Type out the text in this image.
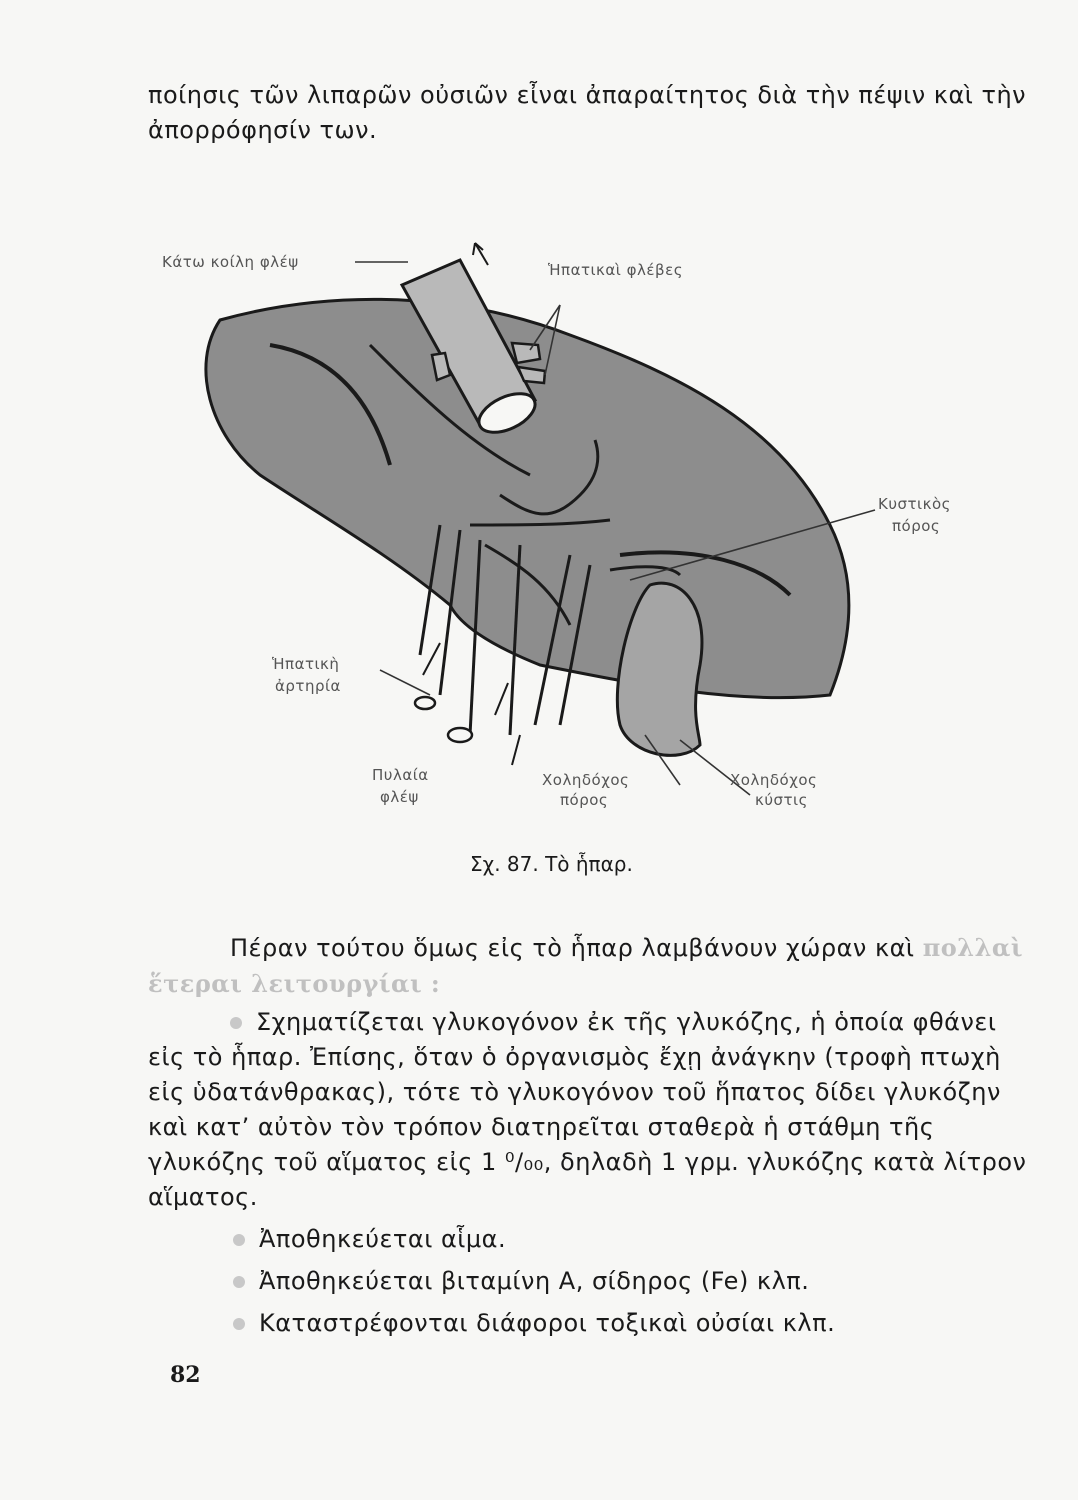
ποίησις τῶν λιπαρῶν οὐσιῶν εἶναι ἀπαραίτητος διὰ τὴν πέψιν καὶ τὴν ἀπορρόφησίν των.

Κάτω κοίλη φλέψ	Ἡπατικαὶ φλέβες
Κυστικὸς
πόρος
Ἡπατικὴ
ἀρτηρία
Πυλαία
φλέψ
Χοληδόχος
πόρος
Χοληδόχος
κύστις
Σχ. 87. Τὸ ἧπαρ.

Πέραν τούτου ὅμως εἰς τὸ ἧπαρ λαμβάνουν χώραν καὶ πολλαὶ ἕτεραι λειτουργίαι :

Σχηματίζεται γλυκογόνον ἐκ τῆς γλυκόζης, ἡ ὁποία φθάνει εἰς τὸ ἧπαρ. Ἐπίσης, ὅταν ὁ ὀργανισμὸς ἔχῃ ἀνάγκην (τροφὴ πτωχὴ εἰς ὑδατάνθρακας), τότε τὸ γλυκογόνον τοῦ ἥπατος δίδει γλυκόζην καὶ κατ’ αὐτὸν τὸν τρόπον διατηρεῖται σταθερὰ ἡ στάθμη τῆς γλυκόζης τοῦ αἵματος εἰς 1 ⁰/₀₀, δηλαδὴ 1 γρμ. γλυκόζης κατὰ λίτρον αἵματος.
Ἀποθηκεύεται αἷμα.
Ἀποθηκεύεται βιταμίνη Α, σίδηρος (Fe) κλπ.
Καταστρέφονται διάφοροι τοξικαὶ οὐσίαι κλπ.
82
